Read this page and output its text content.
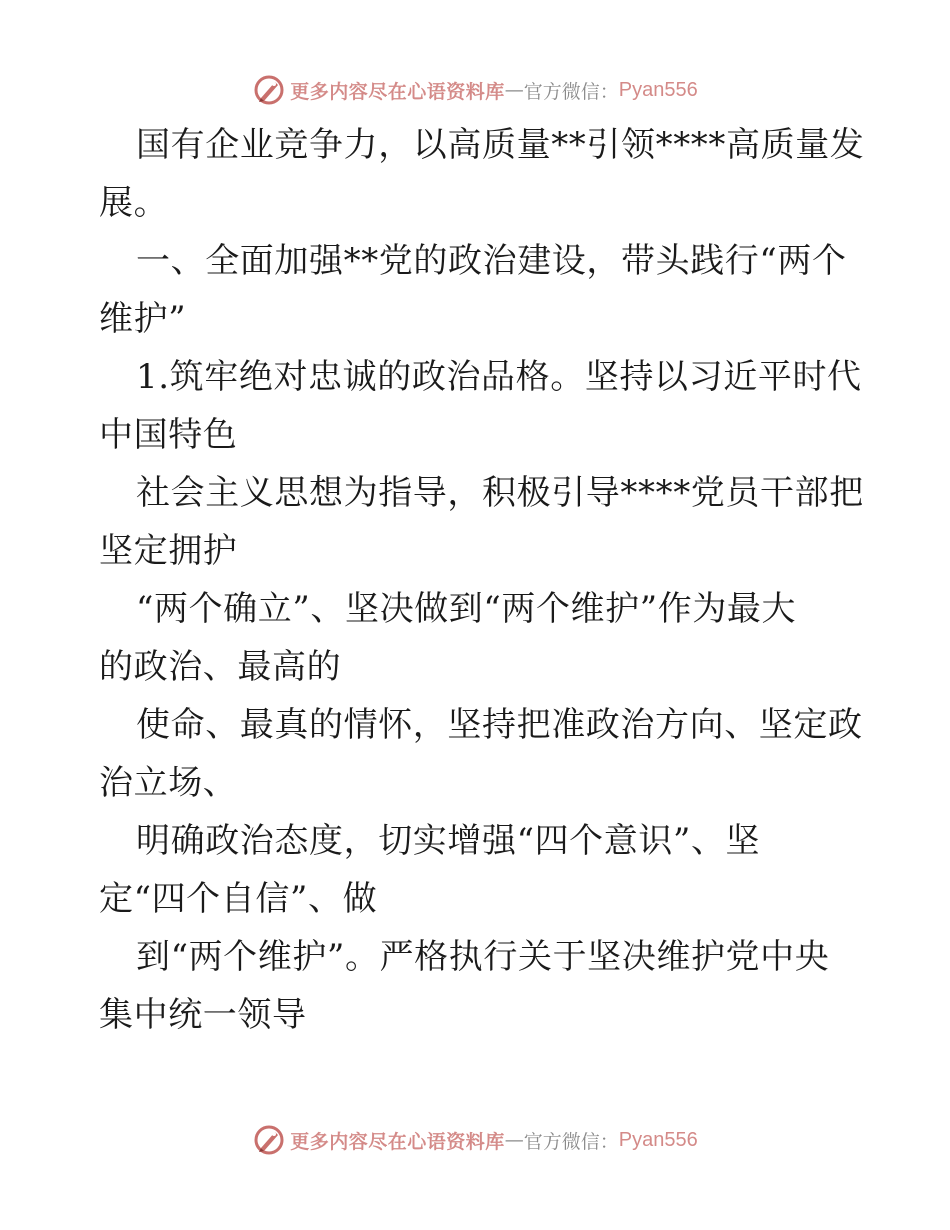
更多内容尽在心语资料库 — 官方微信： Pyan556
国有企业竞争力，以高质量**引领****高质量发
展。
一、全面加强**党的政治建设，带头践行“两个
维护”
1.筑牢绝对忠诚的政治品格。坚持以习近平时代
中国特色
社会主义思想为指导，积极引导****党员干部把
坚定拥护
“两个确立”、坚决做到“两个维护”作为最大
的政治、最高的
使命、最真的情怀，坚持把准政治方向、坚定政
治立场、
明确政治态度，切实增强“四个意识”、坚
定“四个自信”、做
到“两个维护”。严格执行关于坚决维护党中央
集中统一领导
更多内容尽在心语资料库 — 官方微信： Pyan556
